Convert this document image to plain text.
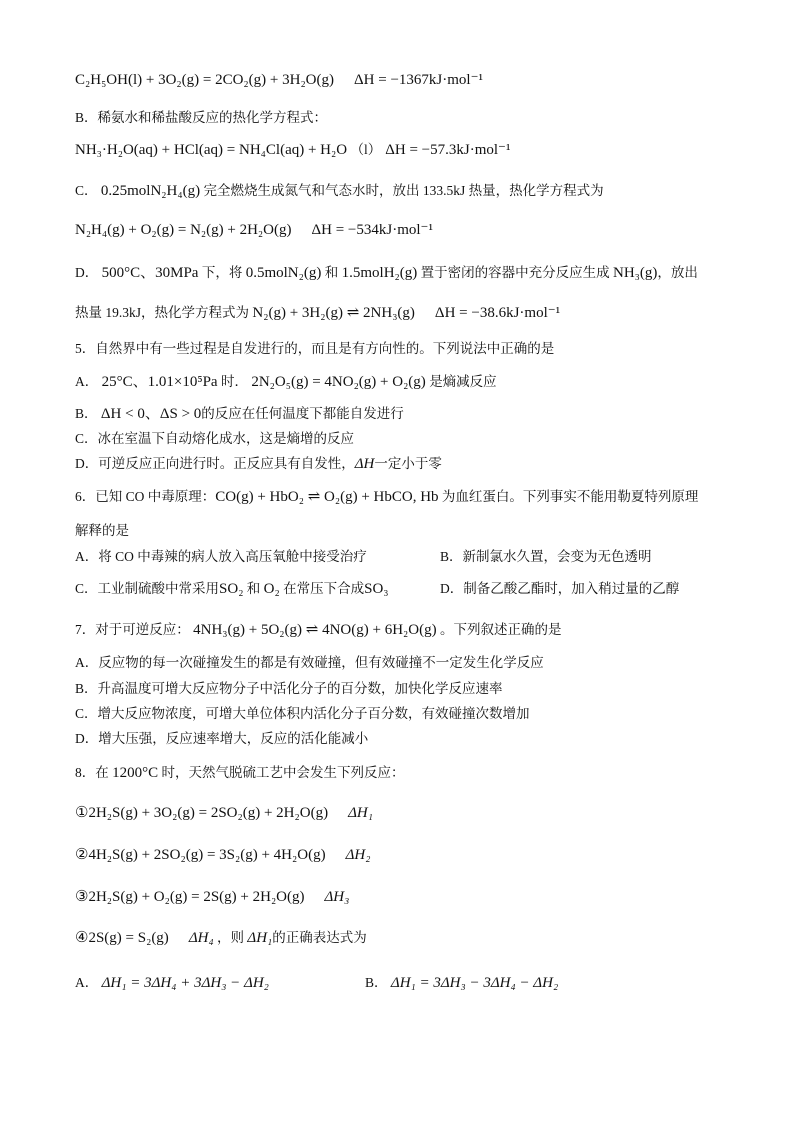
C₂H₅OH(l) + 3O₂(g) = 2CO₂(g) + 3H₂O(g) ΔH = −1367kJ·mol⁻¹
B．稀氨水和稀盐酸反应的热化学方程式：
NH₃·H₂O(aq) + HCl(aq) = NH₄Cl(aq) + H₂O （l） ΔH = −57.3kJ·mol⁻¹
C． 0.25molN₂H₄(g) 完全燃烧生成氮气和气态水时，放出 133.5kJ 热量，热化学方程式为
N₂H₄(g) + O₂(g) = N₂(g) + 2H₂O(g) ΔH = −534kJ·mol⁻¹
D． 500°C、30MPa 下，将 0.5molN₂(g) 和 1.5molH₂(g) 置于密闭的容器中充分反应生成 NH₃(g)，放出
热量 19.3kJ，热化学方程式为 N₂(g) + 3H₂(g) ⇌ 2NH₃(g) ΔH = −38.6kJ·mol⁻¹
5．自然界中有一些过程是自发进行的，而且是有方向性的。下列说法中正确的是
A． 25°C、1.01×10⁵Pa 时． 2N₂O₅(g) = 4NO₂(g) + O₂(g) 是熵减反应
B． ΔH < 0、ΔS > 0的反应在任何温度下都能自发进行
C．冰在室温下自动熔化成水，这是熵增的反应
D．可逆反应正向进行时。正反应具有自发性，ΔH一定小于零
6．已知 CO 中毒原理：CO(g) + HbO₂ ⇌ O₂(g) + HbCO, Hb 为血红蛋白。下列事实不能用勒夏特列原理
解释的是
A．将 CO 中毒辣的病人放入高压氧舱中接受治疗	B．新制氯水久置，会变为无色透明
C．工业制硫酸中常采用SO₂ 和 O₂ 在常压下合成SO₃	D．制备乙酸乙酯时，加入稍过量的乙醇
7．对于可逆反应： 4NH₃(g) + 5O₂(g) ⇌ 4NO(g) + 6H₂O(g) 。下列叙述正确的是
A．反应物的每一次碰撞发生的都是有效碰撞，但有效碰撞不一定发生化学反应
B．升高温度可增大反应物分子中活化分子的百分数，加快化学反应速率
C．增大反应物浓度，可增大单位体积内活化分子百分数，有效碰撞次数增加
D．增大压强，反应速率增大，反应的活化能减小
8．在 1200°C 时，天然气脱硫工艺中会发生下列反应：
①2H₂S(g) + 3O₂(g) = 2SO₂(g) + 2H₂O(g) ΔH₁
②4H₂S(g) + 2SO₂(g) = 3S₂(g) + 4H₂O(g) ΔH₂
③2H₂S(g) + O₂(g) = 2S(g) + 2H₂O(g) ΔH₃
④2S(g) = S₂(g) ΔH₄ ，则 ΔH₁的正确表达式为
A． ΔH₁ = 3ΔH₄ + 3ΔH₃ − ΔH₂	B． ΔH₁ = 3ΔH₃ − 3ΔH₄ − ΔH₂
